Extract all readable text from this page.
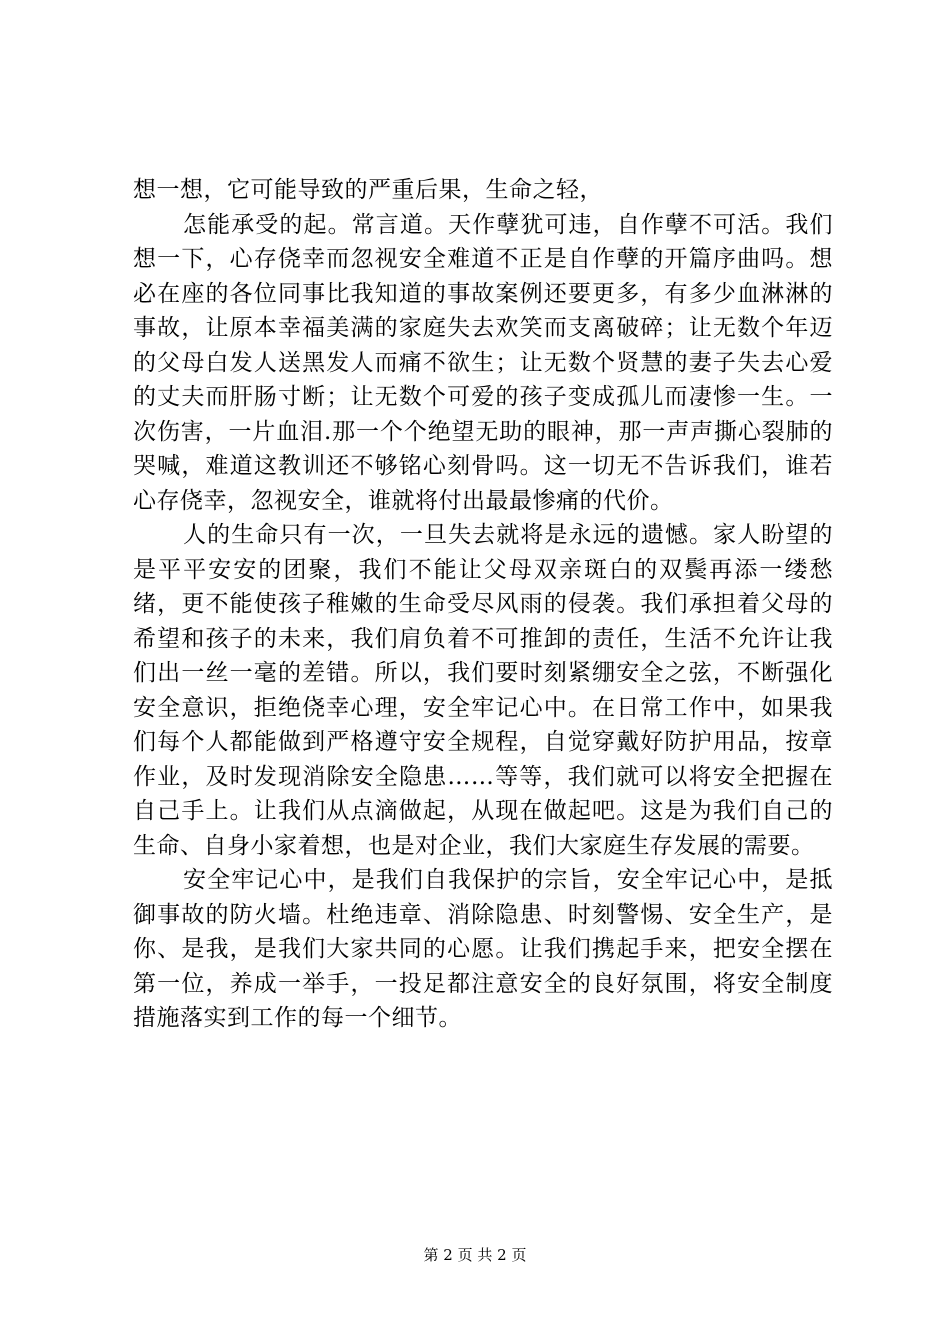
想一想，它可能导致的严重后果，生命之轻，

怎能承受的起。常言道。天作孽犹可违，自作孽不可活。我们想一下，心存侥幸而忽视安全难道不正是自作孽的开篇序曲吗。想必在座的各位同事比我知道的事故案例还要更多，有多少血淋淋的事故，让原本幸福美满的家庭失去欢笑而支离破碎；让无数个年迈的父母白发人送黑发人而痛不欲生；让无数个贤慧的妻子失去心爱的丈夫而肝肠寸断；让无数个可爱的孩子变成孤儿而凄惨一生。一次伤害，一片血泪.那一个个绝望无助的眼神，那一声声撕心裂肺的哭喊，难道这教训还不够铭心刻骨吗。这一切无不告诉我们，谁若心存侥幸，忽视安全，谁就将付出最最惨痛的代价。

人的生命只有一次，一旦失去就将是永远的遗憾。家人盼望的是平平安安的团聚，我们不能让父母双亲斑白的双鬓再添一缕愁绪，更不能使孩子稚嫩的生命受尽风雨的侵袭。我们承担着父母的希望和孩子的未来，我们肩负着不可推卸的责任，生活不允许让我们出一丝一毫的差错。所以，我们要时刻紧绷安全之弦，不断强化安全意识，拒绝侥幸心理，安全牢记心中。在日常工作中，如果我们每个人都能做到严格遵守安全规程，自觉穿戴好防护用品，按章作业，及时发现消除安全隐患……等等，我们就可以将安全把握在自己手上。让我们从点滴做起，从现在做起吧。这是为我们自己的生命、自身小家着想，也是对企业，我们大家庭生存发展的需要。

安全牢记心中，是我们自我保护的宗旨，安全牢记心中，是抵御事故的防火墙。杜绝违章、消除隐患、时刻警惕、安全生产，是你、是我，是我们大家共同的心愿。让我们携起手来，把安全摆在第一位，养成一举手，一投足都注意安全的良好氛围，将安全制度措施落实到工作的每一个细节。

第 2 页 共 2 页
